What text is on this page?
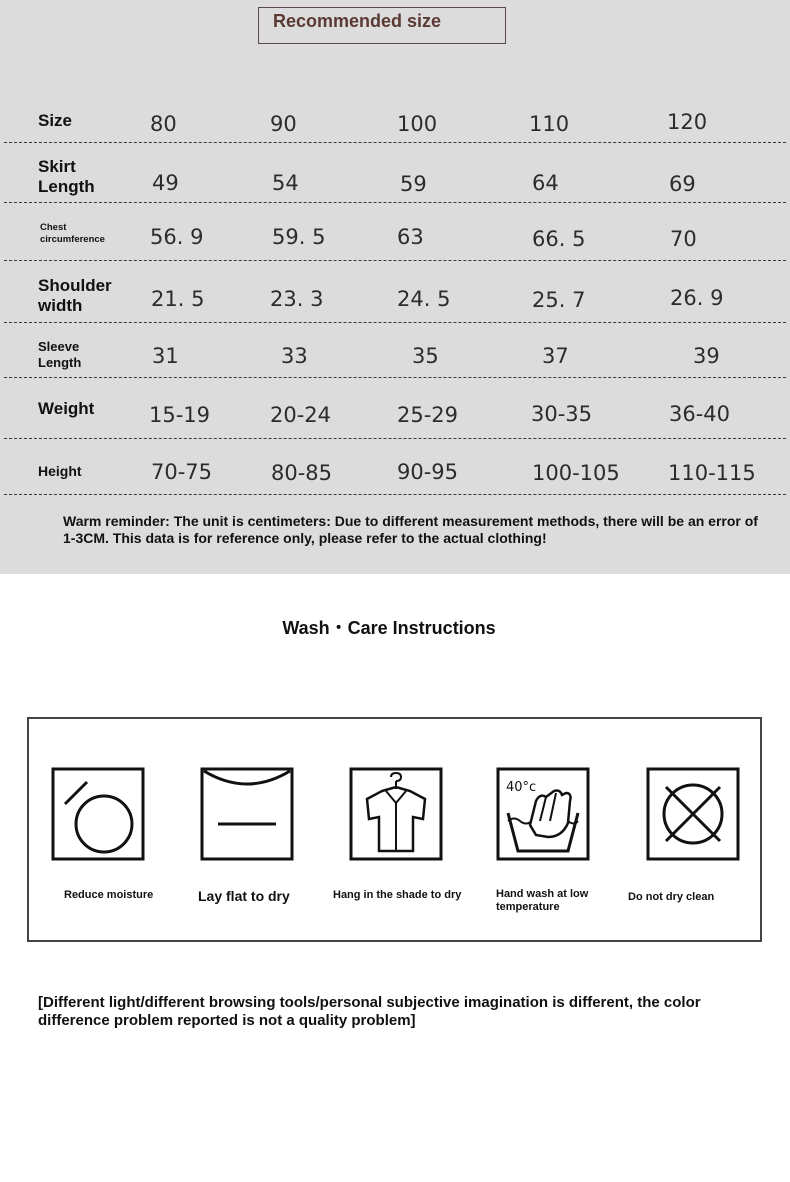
Recommended size
Size	80	90	100	110	120
Skirt Length	49	54	59	64	69
Chest circumference	56. 9	59. 5	63	66. 5	70
Shoulder width	21. 5	23. 3	24. 5	25. 7	26. 9
Sleeve Length	31	33	35	37	39
Weight	15-19	20-24	25-29	30-35	36-40
Height	70-75	80-85	90-95	100-105 110-115

Warm reminder: The unit is centimeters: Due to different measurement methods, there will be an error of 1-3CM. This data is for reference only, please refer to the actual clothing!

Wash・Care Instructions
Reduce moisture	Lay flat to dry	Hang in the shade to dry
40°c
Hand wash at low temperature
Do not dry clean

[Different light/different browsing tools/personal subjective imagination is different, the color difference problem reported is not a quality problem]
